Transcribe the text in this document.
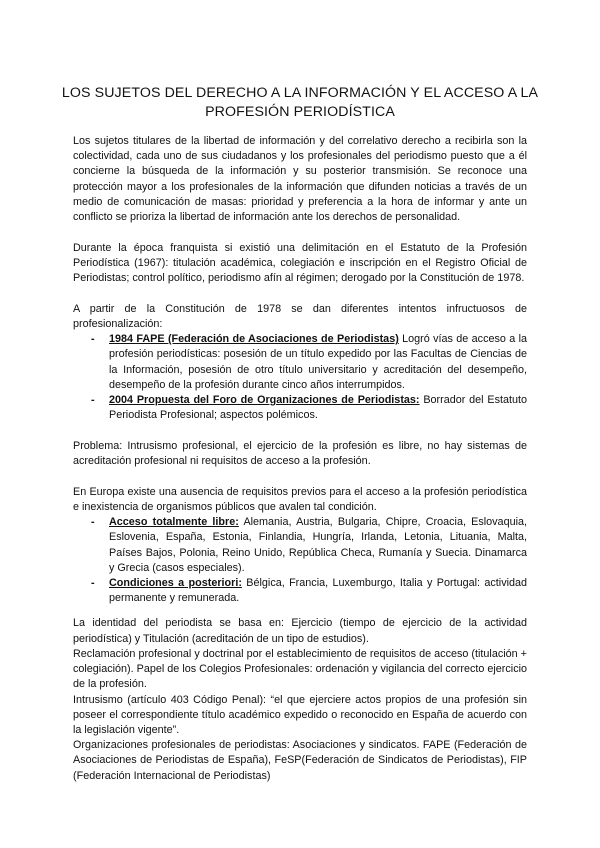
LOS SUJETOS DEL DERECHO A LA INFORMACIÓN Y EL ACCESO A LA PROFESIÓN PERIODÍSTICA

Los sujetos titulares de la libertad de información y del correlativo derecho a recibirla son la colectividad, cada uno de sus ciudadanos y los profesionales del periodismo puesto que a él concierne la búsqueda de la información y su posterior transmisión. Se reconoce una protección mayor a los profesionales de la información que difunden noticias a través de un medio de comunicación de masas: prioridad y preferencia a la hora de informar y ante un conflicto se prioriza la libertad de información ante los derechos de personalidad.

Durante la época franquista si existió una delimitación en el Estatuto de la Profesión Periodística (1967): titulación académica, colegiación e inscripción en el Registro Oficial de Periodistas; control político, periodismo afín al régimen; derogado por la Constitución de 1978.

A partir de la Constitución de 1978 se dan diferentes intentos infructuosos de profesionalización:

- 1984 FAPE (Federación de Asociaciones de Periodistas) Logró vías de acceso a la profesión periodísticas: posesión de un título expedido por las Facultas de Ciencias de la Información, posesión de otro título universitario y acreditación del desempeño, desempeño de la profesión durante cinco años interrumpidos.
- 2004 Propuesta del Foro de Organizaciones de Periodistas: Borrador del Estatuto Periodista Profesional; aspectos polémicos.

Problema: Intrusismo profesional, el ejercicio de la profesión es libre, no hay sistemas de acreditación profesional ni requisitos de acceso a la profesión.

En Europa existe una ausencia de requisitos previos para el acceso a la profesión periodística e inexistencia de organismos públicos que avalen tal condición.

- Acceso totalmente libre: Alemania, Austria, Bulgaria, Chipre, Croacia, Eslovaquia, Eslovenia, España, Estonia, Finlandia, Hungría, Irlanda, Letonia, Lituania, Malta, Países Bajos, Polonia, Reino Unido, República Checa, Rumanía y Suecia. Dinamarca y Grecia (casos especiales).
- Condiciones a posteriori: Bélgica, Francia, Luxemburgo, Italia y Portugal: actividad permanente y remunerada.

La identidad del periodista se basa en: Ejercicio (tiempo de ejercicio de la actividad periodística) y Titulación (acreditación de un tipo de estudios).

Reclamación profesional y doctrinal por el establecimiento de requisitos de acceso (titulación + colegiación). Papel de los Colegios Profesionales: ordenación y vigilancia del correcto ejercicio de la profesión.

Intrusismo (artículo 403 Código Penal): “el que ejerciere actos propios de una profesión sin poseer el correspondiente título académico expedido o reconocido en España de acuerdo con la legislación vigente”.

Organizaciones profesionales de periodistas: Asociaciones y sindicatos. FAPE (Federación de Asociaciones de Periodistas de España), FeSP(Federación de Sindicatos de Periodistas), FIP (Federación Internacional de Periodistas)
